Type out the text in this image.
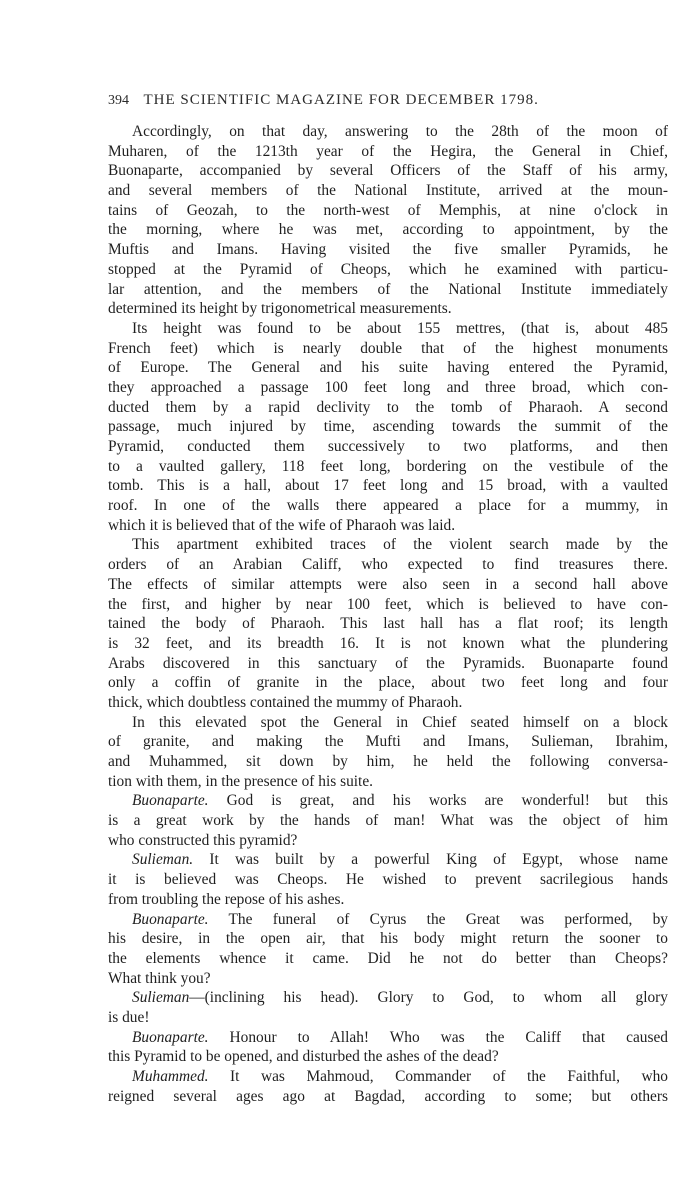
394 THE SCIENTIFIC MAGAZINE FOR DECEMBER 1798.
Accordingly, on that day, answering to the 28th of the moon of
Muharen, of the 1213th year of the Hegira, the General in Chief,
Buonaparte, accompanied by several Officers of the Staff of his army,
and several members of the National Institute, arrived at the moun-
tains of Geozah, to the north-west of Memphis, at nine o'clock in
the morning, where he was met, according to appointment, by the
Muftis and Imans. Having visited the five smaller Pyramids, he
stopped at the Pyramid of Cheops, which he examined with particu-
lar attention, and the members of the National Institute immediately
determined its height by trigonometrical measurements.
Its height was found to be about 155 mettres, (that is, about 485
French feet) which is nearly double that of the highest monuments
of Europe. The General and his suite having entered the Pyramid,
they approached a passage 100 feet long and three broad, which con-
ducted them by a rapid declivity to the tomb of Pharaoh. A second
passage, much injured by time, ascending towards the summit of the
Pyramid, conducted them successively to two platforms, and then
to a vaulted gallery, 118 feet long, bordering on the vestibule of the
tomb. This is a hall, about 17 feet long and 15 broad, with a vaulted
roof. In one of the walls there appeared a place for a mummy, in
which it is believed that of the wife of Pharaoh was laid.
This apartment exhibited traces of the violent search made by the
orders of an Arabian Califf, who expected to find treasures there.
The effects of similar attempts were also seen in a second hall above
the first, and higher by near 100 feet, which is believed to have con-
tained the body of Pharaoh. This last hall has a flat roof; its length
is 32 feet, and its breadth 16. It is not known what the plundering
Arabs discovered in this sanctuary of the Pyramids. Buonaparte found
only a coffin of granite in the place, about two feet long and four
thick, which doubtless contained the mummy of Pharaoh.
In this elevated spot the General in Chief seated himself on a block
of granite, and making the Mufti and Imans, Sulieman, Ibrahim,
and Muhammed, sit down by him, he held the following conversa-
tion with them, in the presence of his suite.
Buonaparte. God is great, and his works are wonderful! but this
is a great work by the hands of man! What was the object of him
who constructed this pyramid?
Sulieman. It was built by a powerful King of Egypt, whose name
it is believed was Cheops. He wished to prevent sacrilegious hands
from troubling the repose of his ashes.
Buonaparte. The funeral of Cyrus the Great was performed, by
his desire, in the open air, that his body might return the sooner to
the elements whence it came. Did he not do better than Cheops?
What think you?
Sulieman—(inclining his head). Glory to God, to whom all glory
is due!
Buonaparte. Honour to Allah! Who was the Califf that caused
this Pyramid to be opened, and disturbed the ashes of the dead?
Muhammed. It was Mahmoud, Commander of the Faithful, who
reigned several ages ago at Bagdad, according to some; but others
